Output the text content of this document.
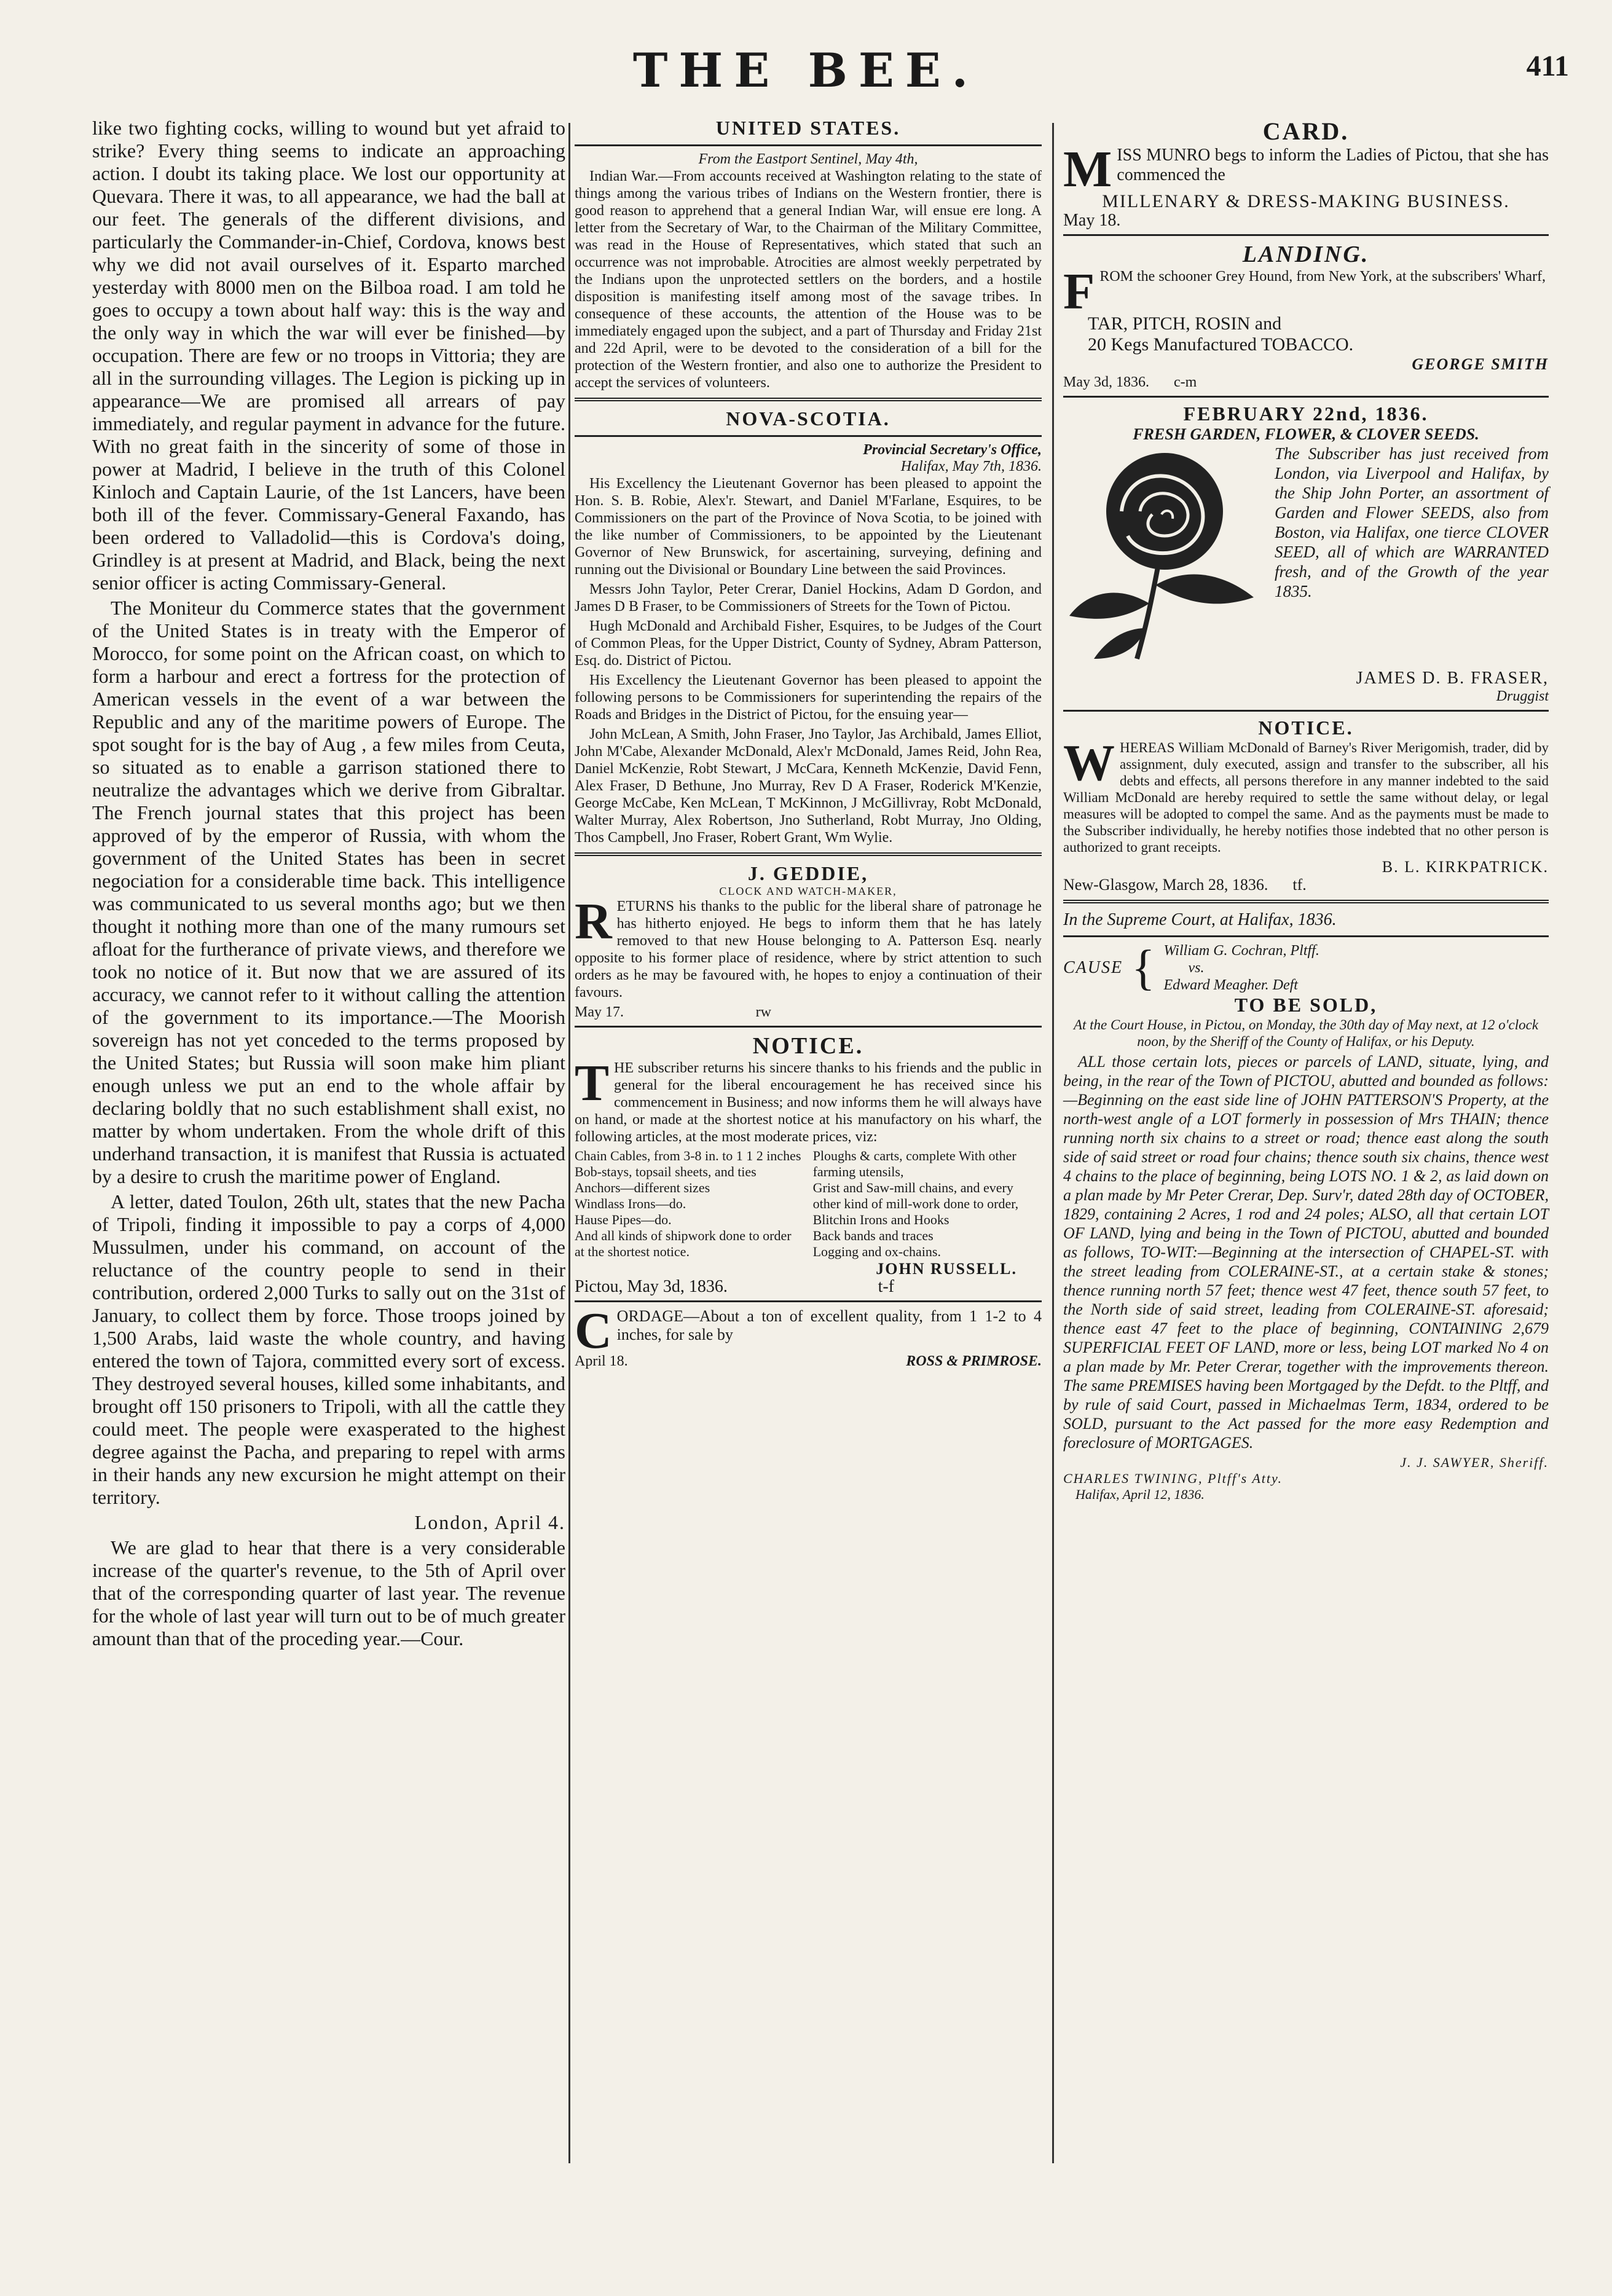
THE BEE.	411

like two fighting cocks, willing to wound but yet afraid to strike? Every thing seems to indicate an approaching action. I doubt its taking place. We lost our opportunity at Quevara. There it was, to all appearance, we had the ball at our feet. The generals of the different divisions, and particularly the Commander-in-Chief, Cordova, knows best why we did not avail ourselves of it. Esparto marched yesterday with 8000 men on the Bilboa road. I am told he goes to occupy a town about half way: this is the way and the only way in which the war will ever be finished—by occupation. There are few or no troops in Vittoria; they are all in the surrounding villages. The Legion is picking up in appearance—We are promised all arrears of pay immediately, and regular payment in advance for the future. With no great faith in the sincerity of some of those in power at Madrid, I believe in the truth of this Colonel Kinloch and Captain Laurie, of the 1st Lancers, have been both ill of the fever. Commissary-General Faxando, has been ordered to Valladolid—this is Cordova's doing, Grindley is at present at Madrid, and Black, being the next senior officer is acting Commissary-General.

The Moniteur du Commerce states that the government of the United States is in treaty with the Emperor of Morocco, for some point on the African coast, on which to form a harbour and erect a fortress for the protection of American vessels in the event of a war between the Republic and any of the maritime powers of Europe. The spot sought for is the bay of Aug , a few miles from Ceuta, so situated as to enable a garrison stationed there to neutralize the advantages which we derive from Gibraltar. The French journal states that this project has been approved of by the emperor of Russia, with whom the government of the United States has been in secret negociation for a considerable time back. This intelligence was communicated to us several months ago; but we then thought it nothing more than one of the many rumours set afloat for the furtherance of private views, and therefore we took no notice of it. But now that we are assured of its accuracy, we cannot refer to it without calling the attention of the government to its importance.—The Moorish sovereign has not yet conceded to the terms proposed by the United States; but Russia will soon make him pliant enough unless we put an end to the whole affair by declaring boldly that no such establishment shall exist, no matter by whom undertaken. From the whole drift of this underhand transaction, it is manifest that Russia is actuated by a desire to crush the maritime power of England.

A letter, dated Toulon, 26th ult, states that the new Pacha of Tripoli, finding it impossible to pay a corps of 4,000 Mussulmen, under his command, on account of the reluctance of the country people to send in their contribution, ordered 2,000 Turks to sally out on the 31st of January, to collect them by force. Those troops joined by 1,500 Arabs, laid waste the whole country, and having entered the town of Tajora, committed every sort of excess. They destroyed several houses, killed some inhabitants, and brought off 150 prisoners to Tripoli, with all the cattle they could meet. The people were exasperated to the highest degree against the Pacha, and preparing to repel with arms in their hands any new excursion he might attempt on their territory.

London, April 4.

We are glad to hear that there is a very considerable increase of the quarter's revenue, to the 5th of April over that of the corresponding quarter of last year. The revenue for the whole of last year will turn out to be of much greater amount than that of the proceding year.—Cour.

UNITED STATES.
From the Eastport Sentinel, May 4th,

Indian War.—From accounts received at Washington relating to the state of things among the various tribes of Indians on the Western frontier, there is good reason to apprehend that a general Indian War, will ensue ere long. A letter from the Secretary of War, to the Chairman of the Military Committee, was read in the House of Representatives, which stated that such an occurrence was not improbable. Atrocities are almost weekly perpetrated by the Indians upon the unprotected settlers on the borders, and a hostile disposition is manifesting itself among most of the savage tribes. In consequence of these accounts, the attention of the House was to be immediately engaged upon the subject, and a part of Thursday and Friday 21st and 22d April, were to be devoted to the consideration of a bill for the protection of the Western frontier, and also one to authorize the President to accept the services of volunteers.

NOVA-SCOTIA.
Provincial Secretary's Office,
Halifax, May 7th, 1836.

His Excellency the Lieutenant Governor has been pleased to appoint the Hon. S. B. Robie, Alex'r. Stewart, and Daniel M'Farlane, Esquires, to be Commissioners on the part of the Province of Nova Scotia, to be joined with the like number of Commissioners, to be appointed by the Lieutenant Governor of New Brunswick, for ascertaining, surveying, defining and running out the Divisional or Boundary Line between the said Provinces.

Messrs John Taylor, Peter Crerar, Daniel Hockins, Adam D Gordon, and James D B Fraser, to be Commissioners of Streets for the Town of Pictou.

Hugh McDonald and Archibald Fisher, Esquires, to be Judges of the Court of Common Pleas, for the Upper District, County of Sydney, Abram Patterson, Esq. do. District of Pictou.

His Excellency the Lieutenant Governor has been pleased to appoint the following persons to be Commissioners for superintending the repairs of the Roads and Bridges in the District of Pictou, for the ensuing year—

John McLean, A Smith, John Fraser, Jno Taylor, Jas Archibald, James Elliot, John M'Cabe, Alexander McDonald, Alex'r McDonald, James Reid, John Rea, Daniel McKenzie, Robt Stewart, J McCara, Kenneth McKenzie, David Fenn, Alex Fraser, D Bethune, Jno Murray, Rev D A Fraser, Roderick M'Kenzie, George McCabe, Ken McLean, T McKinnon, J McGillivray, Robt McDonald, Walter Murray, Alex Robertson, Jno Sutherland, Robt Murray, Jno Olding, Thos Campbell, Jno Fraser, Robert Grant, Wm Wylie.

J. GEDDIE,
CLOCK AND WATCH-MAKER,

RETURNS his thanks to the public for the liberal share of patronage he has hitherto enjoyed. He begs to inform them that he has lately removed to that new House belonging to A. Patterson Esq. nearly opposite to his former place of residence, where by strict attention to such orders as he may be favoured with, he hopes to enjoy a continuation of their favours.

May 17.	rw
NOTICE.

THE subscriber returns his sincere thanks to his friends and the public in general for the liberal encouragement he has received since his commencement in Business; and now informs them he will always have on hand, or made at the shortest notice at his manufactory on his wharf, the following articles, at the most moderate prices, viz:

Chain Cables, from 3-8 in. to 1 1 2 inches
Bob-stays, topsail sheets, and ties
Anchors—different sizes
Windlass Irons—do.
Hause Pipes—do.
And all kinds of shipwork done to order at the shortest notice.
Ploughs & carts, complete With other farming utensils,
Grist and Saw-mill chains, and every other kind of mill-work done to order,
Blitchin Irons and Hooks
Back bands and traces
Logging and ox-chains.
JOHN RUSSELL.
Pictou, May 3d, 1836.	t-f

CORDAGE—About a ton of excellent quality, from 1 1-2 to 4 inches, for sale by

April 18.	ROSS & PRIMROSE.
CARD.

MISS MUNRO begs to inform the Ladies of Pictou, that she has commenced the

MILLENARY & DRESS-MAKING BUSINESS.
May 18.
LANDING.

FROM the schooner Grey Hound, from New York, at the subscribers' Wharf,

TAR, PITCH, ROSIN and
20 Kegs Manufactured TOBACCO.
GEORGE SMITH
May 3d, 1836. c-m
FEBRUARY 22nd, 1836.
FRESH GARDEN, FLOWER, & CLOVER SEEDS.

The Subscriber has just received from London, via Liverpool and Halifax, by the Ship John Porter, an assortment of Garden and Flower SEEDS, also from Boston, via Halifax, one tierce CLOVER SEED, all of which are WARRANTED fresh, and of the Growth of the year 1835.

JAMES D. B. FRASER,
Druggist
NOTICE.

WHEREAS William McDonald of Barney's River Merigomish, trader, did by assignment, duly executed, assign and transfer to the subscriber, all his debts and effects, all persons therefore in any manner indebted to the said William McDonald are hereby required to settle the same without delay, or legal measures will be adopted to compel the same. And as the payments must be made to the Subscriber individually, he hereby notifies those indebted that no other person is authorized to grant receipts.

B. L. KIRKPATRICK.
New-Glasgow, March 28, 1836. tf.
In the Supreme Court, at Halifax, 1836.
CAUSE { William G. Cochran, Pltff.
vs.
Edward Meagher. Deft
TO BE SOLD,

At the Court House, in Pictou, on Monday, the 30th day of May next, at 12 o'clock noon, by the Sheriff of the County of Halifax, or his Deputy.

ALL those certain lots, pieces or parcels of LAND, situate, lying, and being, in the rear of the Town of PICTOU, abutted and bounded as follows:—Beginning on the east side line of JOHN PATTERSON'S Property, at the north-west angle of a LOT formerly in possession of Mrs THAIN; thence running north six chains to a street or road; thence east along the south side of said street or road four chains; thence south six chains, thence west 4 chains to the place of beginning, being LOTS NO. 1 & 2, as laid down on a plan made by Mr Peter Crerar, Dep. Surv'r, dated 28th day of OCTOBER, 1829, containing 2 Acres, 1 rod and 24 poles; ALSO, all that certain LOT OF LAND, lying and being in the Town of PICTOU, abutted and bounded as follows, TO-WIT:—Beginning at the intersection of CHAPEL-ST. with the street leading from COLERAINE-ST., at a certain stake & stones; thence running north 57 feet; thence west 47 feet, thence south 57 feet, to the North side of said street, leading from COLERAINE-ST. aforesaid; thence east 47 feet to the place of beginning, CONTAINING 2,679 SUPERFICIAL FEET OF LAND, more or less, being LOT marked No 4 on a plan made by Mr. Peter Crerar, together with the improvements thereon. The same PREMISES having been Mortgaged by the Defdt. to the Pltff, and by rule of said Court, passed in Michaelmas Term, 1834, ordered to be SOLD, pursuant to the Act passed for the more easy Redemption and foreclosure of MORTGAGES.

J. J. SAWYER, Sheriff.
CHARLES TWINING, Pltff's Atty.
Halifax, April 12, 1836.
